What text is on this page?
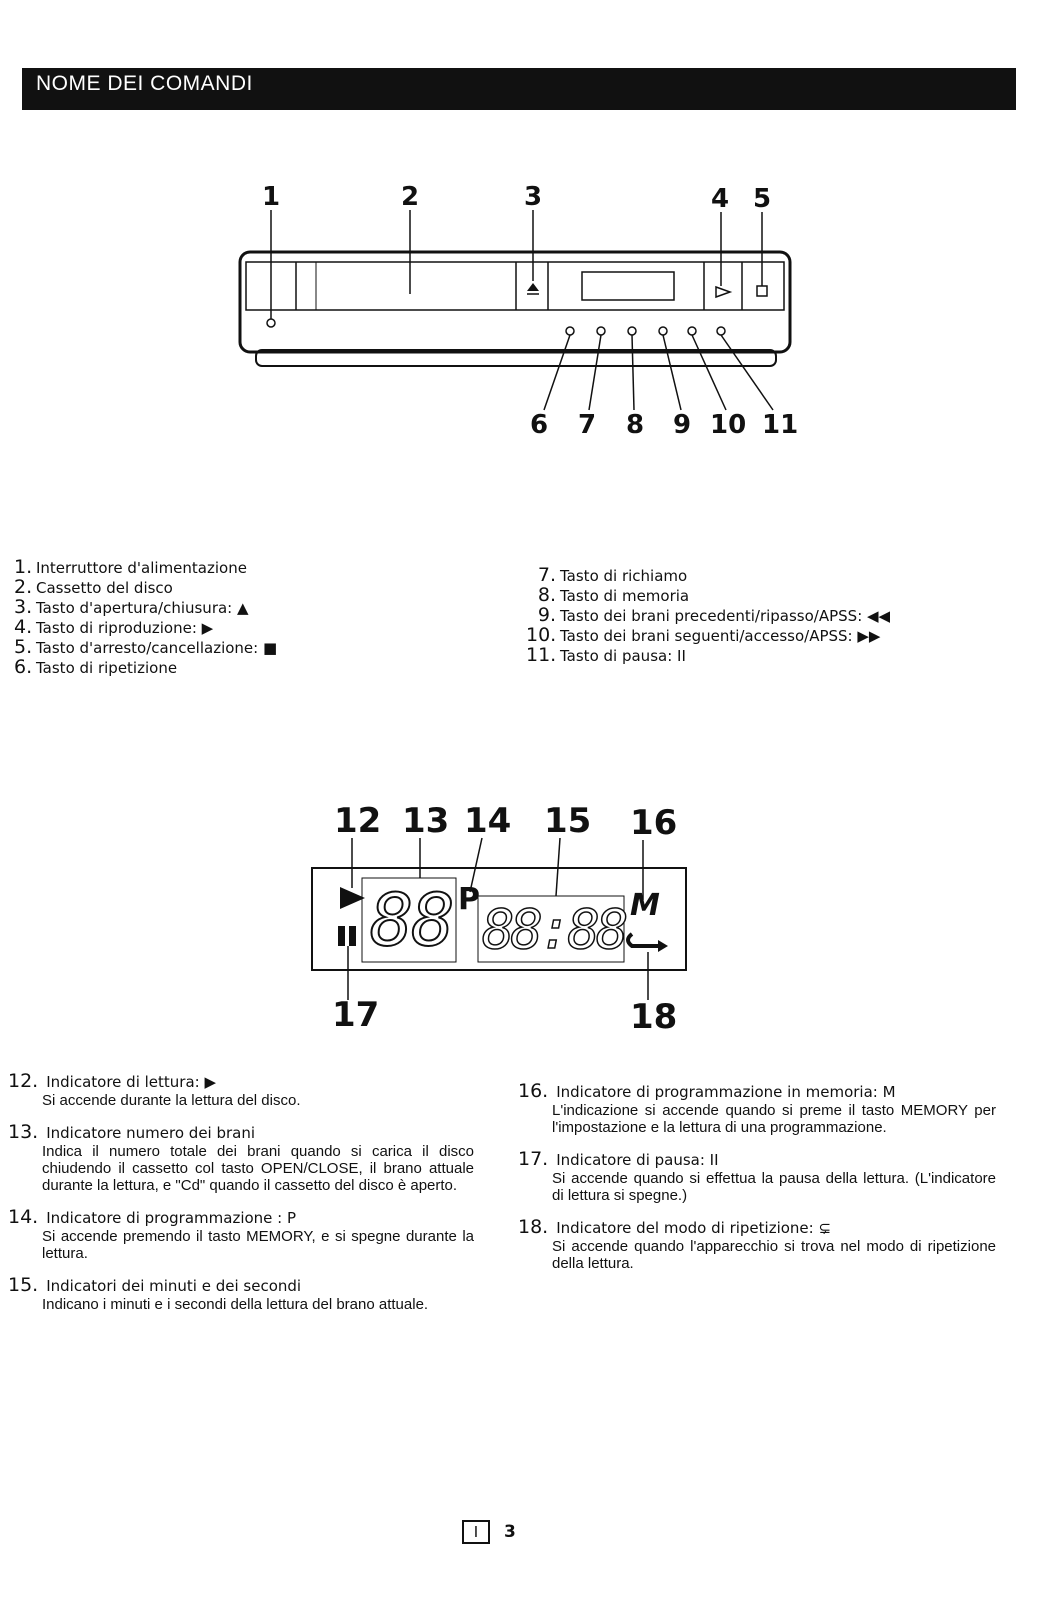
NOME DEI COMANDI
1	2	3	4 5
6 7 8 9 10 11
1. Interruttore d'alimentazione
2. Cassetto del disco
3. Tasto d'apertura/chiusura: ▲
4. Tasto di riproduzione: ▶
5. Tasto d'arresto/cancellazione: ■
6. Tasto di ripetizione
7. Tasto di richiamo
8. Tasto di memoria
9. Tasto dei brani precedenti/ripasso/APSS: ◀◀
10. Tasto dei brani seguenti/accesso/APSS: ▶▶
11. Tasto di pausa: II
12 13 14 15 16
17	18
88 P 88:88 M
12. Indicatore di lettura: ▶
Si accende durante la lettura del disco.
13. Indicatore numero dei brani
Indica il numero totale dei brani quando si carica il disco chiudendo il cassetto col tasto OPEN/CLOSE, il brano attuale durante la lettura, e "Cd" quando il cassetto del disco è aperto.
14. Indicatore di programmazione : P
Si accende premendo il tasto MEMORY, e si spegne durante la lettura.
15. Indicatori dei minuti e dei secondi
Indicano i minuti e i secondi della lettura del brano attuale.
16. Indicatore di programmazione in memoria: M
L'indicazione si accende quando si preme il tasto MEMORY per l'impostazione e la lettura di una programmazione.
17. Indicatore di pausa: II
Si accende quando si effettua la pausa della lettura. (L'indicatore di lettura si spegne.)
18. Indicatore del modo di ripetizione: ⊊
Si accende quando l'apparecchio si trova nel modo di ripetizione della lettura.
I	3
